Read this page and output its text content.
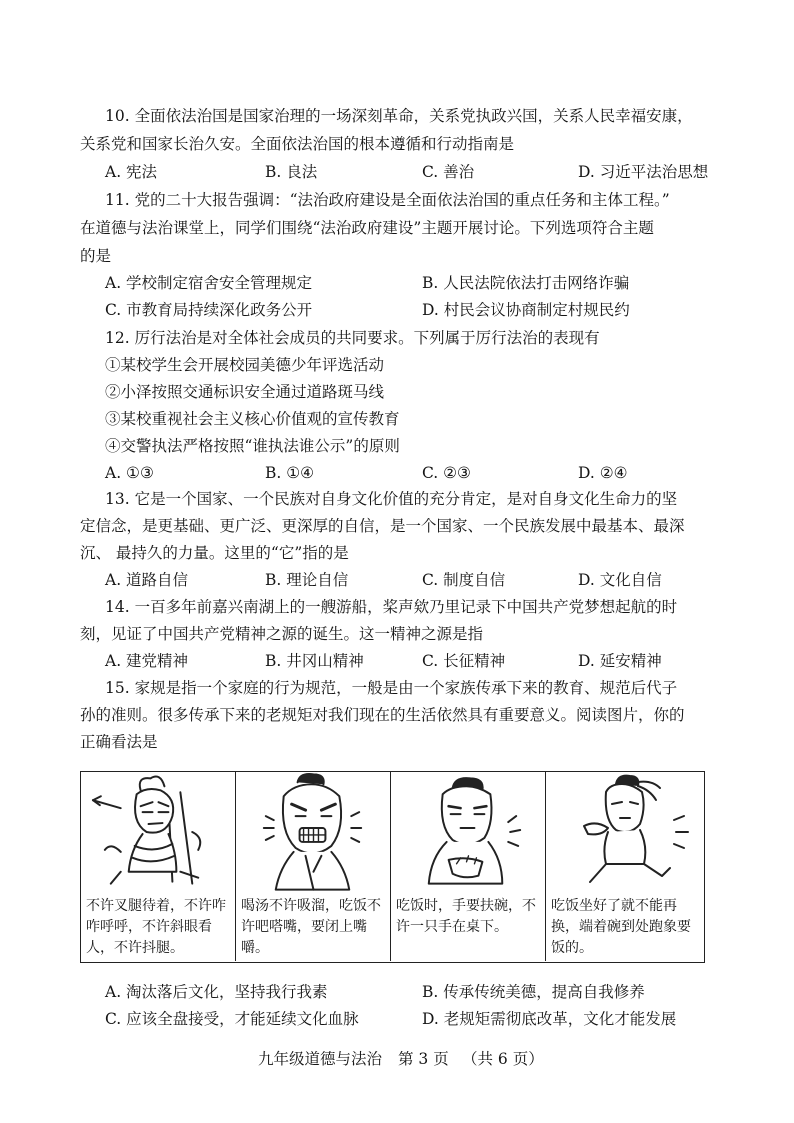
10. 全面依法治国是国家治理的一场深刻革命，关系党执政兴国，关系人民幸福安康，
关系党和国家长治久安。全面依法治国的根本遵循和行动指南是
A. 宪法	B. 良法	C. 善治	D. 习近平法治思想
11. 党的二十大报告强调：“法治政府建设是全面依法治国的重点任务和主体工程。”
在道德与法治课堂上，同学们围绕“法治政府建设”主题开展讨论。下列选项符合主题
的是
A. 学校制定宿舍安全管理规定	B. 人民法院依法打击网络诈骗
C. 市教育局持续深化政务公开	D. 村民会议协商制定村规民约
12. 厉行法治是对全体社会成员的共同要求。下列属于厉行法治的表现有
①某校学生会开展校园美德少年评选活动
②小泽按照交通标识安全通过道路斑马线
③某校重视社会主义核心价值观的宣传教育
④交警执法严格按照“谁执法谁公示”的原则
A. ①③	B. ①④	C. ②③	D. ②④
13. 它是一个国家、一个民族对自身文化价值的充分肯定，是对自身文化生命力的坚
定信念，是更基础、更广泛、更深厚的自信，是一个国家、一个民族发展中最基本、最深
沉、 最持久的力量。这里的“它”指的是
A. 道路自信	B. 理论自信	C. 制度自信	D. 文化自信
14. 一百多年前嘉兴南湖上的一艘游船，桨声欸乃里记录下中国共产党梦想起航的时
刻，见证了中国共产党精神之源的诞生。这一精神之源是指
A. 建党精神	B. 井冈山精神	C. 长征精神	D. 延安精神
15. 家规是指一个家庭的行为规范，一般是由一个家族传承下来的教育、规范后代子
孙的准则。很多传承下来的老规矩对我们现在的生活依然具有重要意义。阅读图片，你的
正确看法是
不许叉腿待着，不许咋咋呼呼，不许斜眼看人，不许抖腿。
喝汤不许吸溜，吃饭不许吧嗒嘴，要闭上嘴嚼。
吃饭时，手要扶碗，不许一只手在桌下。
吃饭坐好了就不能再换，端着碗到处跑象要饭的。
A. 淘汰落后文化，坚持我行我素	B. 传承传统美德，提高自我修养
C. 应该全盘接受，才能延续文化血脉	D. 老规矩需彻底改革，文化才能发展
九年级道德与法治 第 3 页 （共 6 页）
